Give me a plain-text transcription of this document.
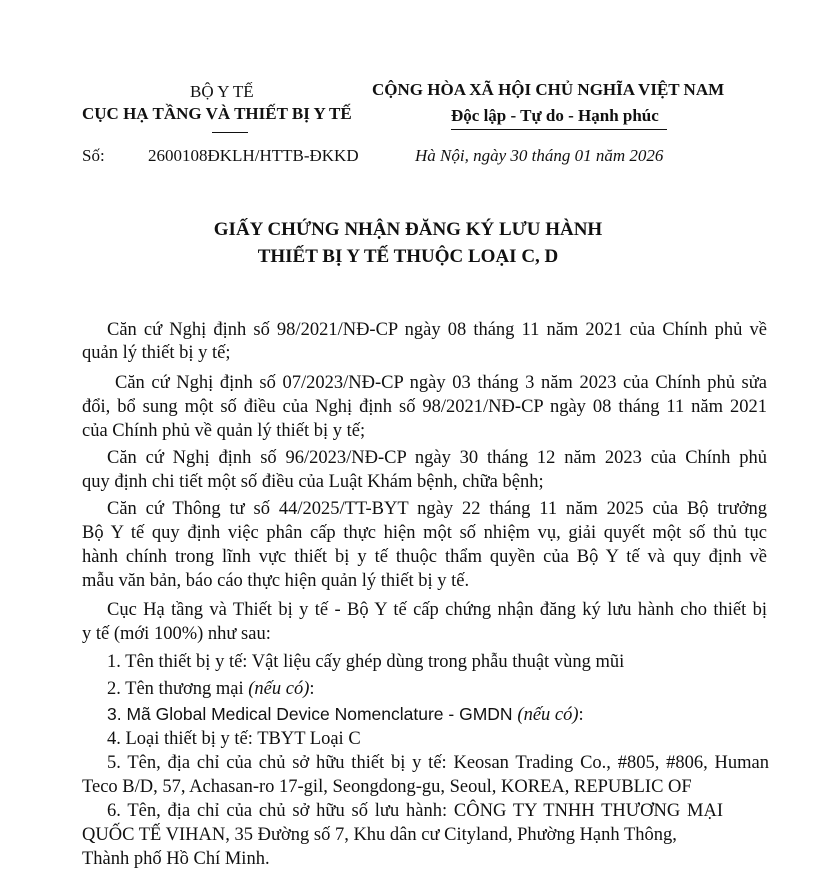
BỘ Y TẾ
CỤC HẠ TẦNG VÀ THIẾT BỊ Y TẾ
Số:	2600108ĐKLH/HTTB-ĐKKD
CỘNG HÒA XÃ HỘI CHỦ NGHĨA VIỆT NAM
Độc lập - Tự do - Hạnh phúc
Hà Nội, ngày 30 tháng 01 năm 2026
GIẤY CHỨNG NHẬN ĐĂNG KÝ LƯU HÀNH
THIẾT BỊ Y TẾ THUỘC LOẠI C, D
Căn cứ Nghị định số 98/2021/NĐ-CP ngày 08 tháng 11 năm 2021 của Chính phủ về
quản lý thiết bị y tế;
Căn cứ Nghị định số 07/2023/NĐ-CP ngày 03 tháng 3 năm 2023 của Chính phủ sửa
đổi, bổ sung một số điều của Nghị định số 98/2021/NĐ-CP ngày 08 tháng 11 năm 2021
của Chính phủ về quản lý thiết bị y tế;
Căn cứ Nghị định số 96/2023/NĐ-CP ngày 30 tháng 12 năm 2023 của Chính phủ
quy định chi tiết một số điều của Luật Khám bệnh, chữa bệnh;
Căn cứ Thông tư số 44/2025/TT-BYT ngày 22 tháng 11 năm 2025 của Bộ trưởng
Bộ Y tế quy định việc phân cấp thực hiện một số nhiệm vụ, giải quyết một số thủ tục
hành chính trong lĩnh vực thiết bị y tế thuộc thẩm quyền của Bộ Y tế và quy định về
mẫu văn bản, báo cáo thực hiện quản lý thiết bị y tế.
Cục Hạ tầng và Thiết bị y tế - Bộ Y tế cấp chứng nhận đăng ký lưu hành cho thiết bị
y tế (mới 100%) như sau:
1. Tên thiết bị y tế: Vật liệu cấy ghép dùng trong phẫu thuật vùng mũi
2. Tên thương mại (nếu có):
3. Mã Global Medical Device Nomenclature - GMDN (nếu có):
4. Loại thiết bị y tế: TBYT Loại C
5. Tên, địa chỉ của chủ sở hữu thiết bị y tế: Keosan Trading Co., #805, #806, Human
Teco B/D, 57, Achasan-ro 17-gil, Seongdong-gu, Seoul, KOREA, REPUBLIC OF
6. Tên, địa chỉ của chủ sở hữu số lưu hành: CÔNG TY TNHH THƯƠNG MẠI
QUỐC TẾ VIHAN, 35 Đường số 7, Khu dân cư Cityland, Phường Hạnh Thông,
Thành phố Hồ Chí Minh.
